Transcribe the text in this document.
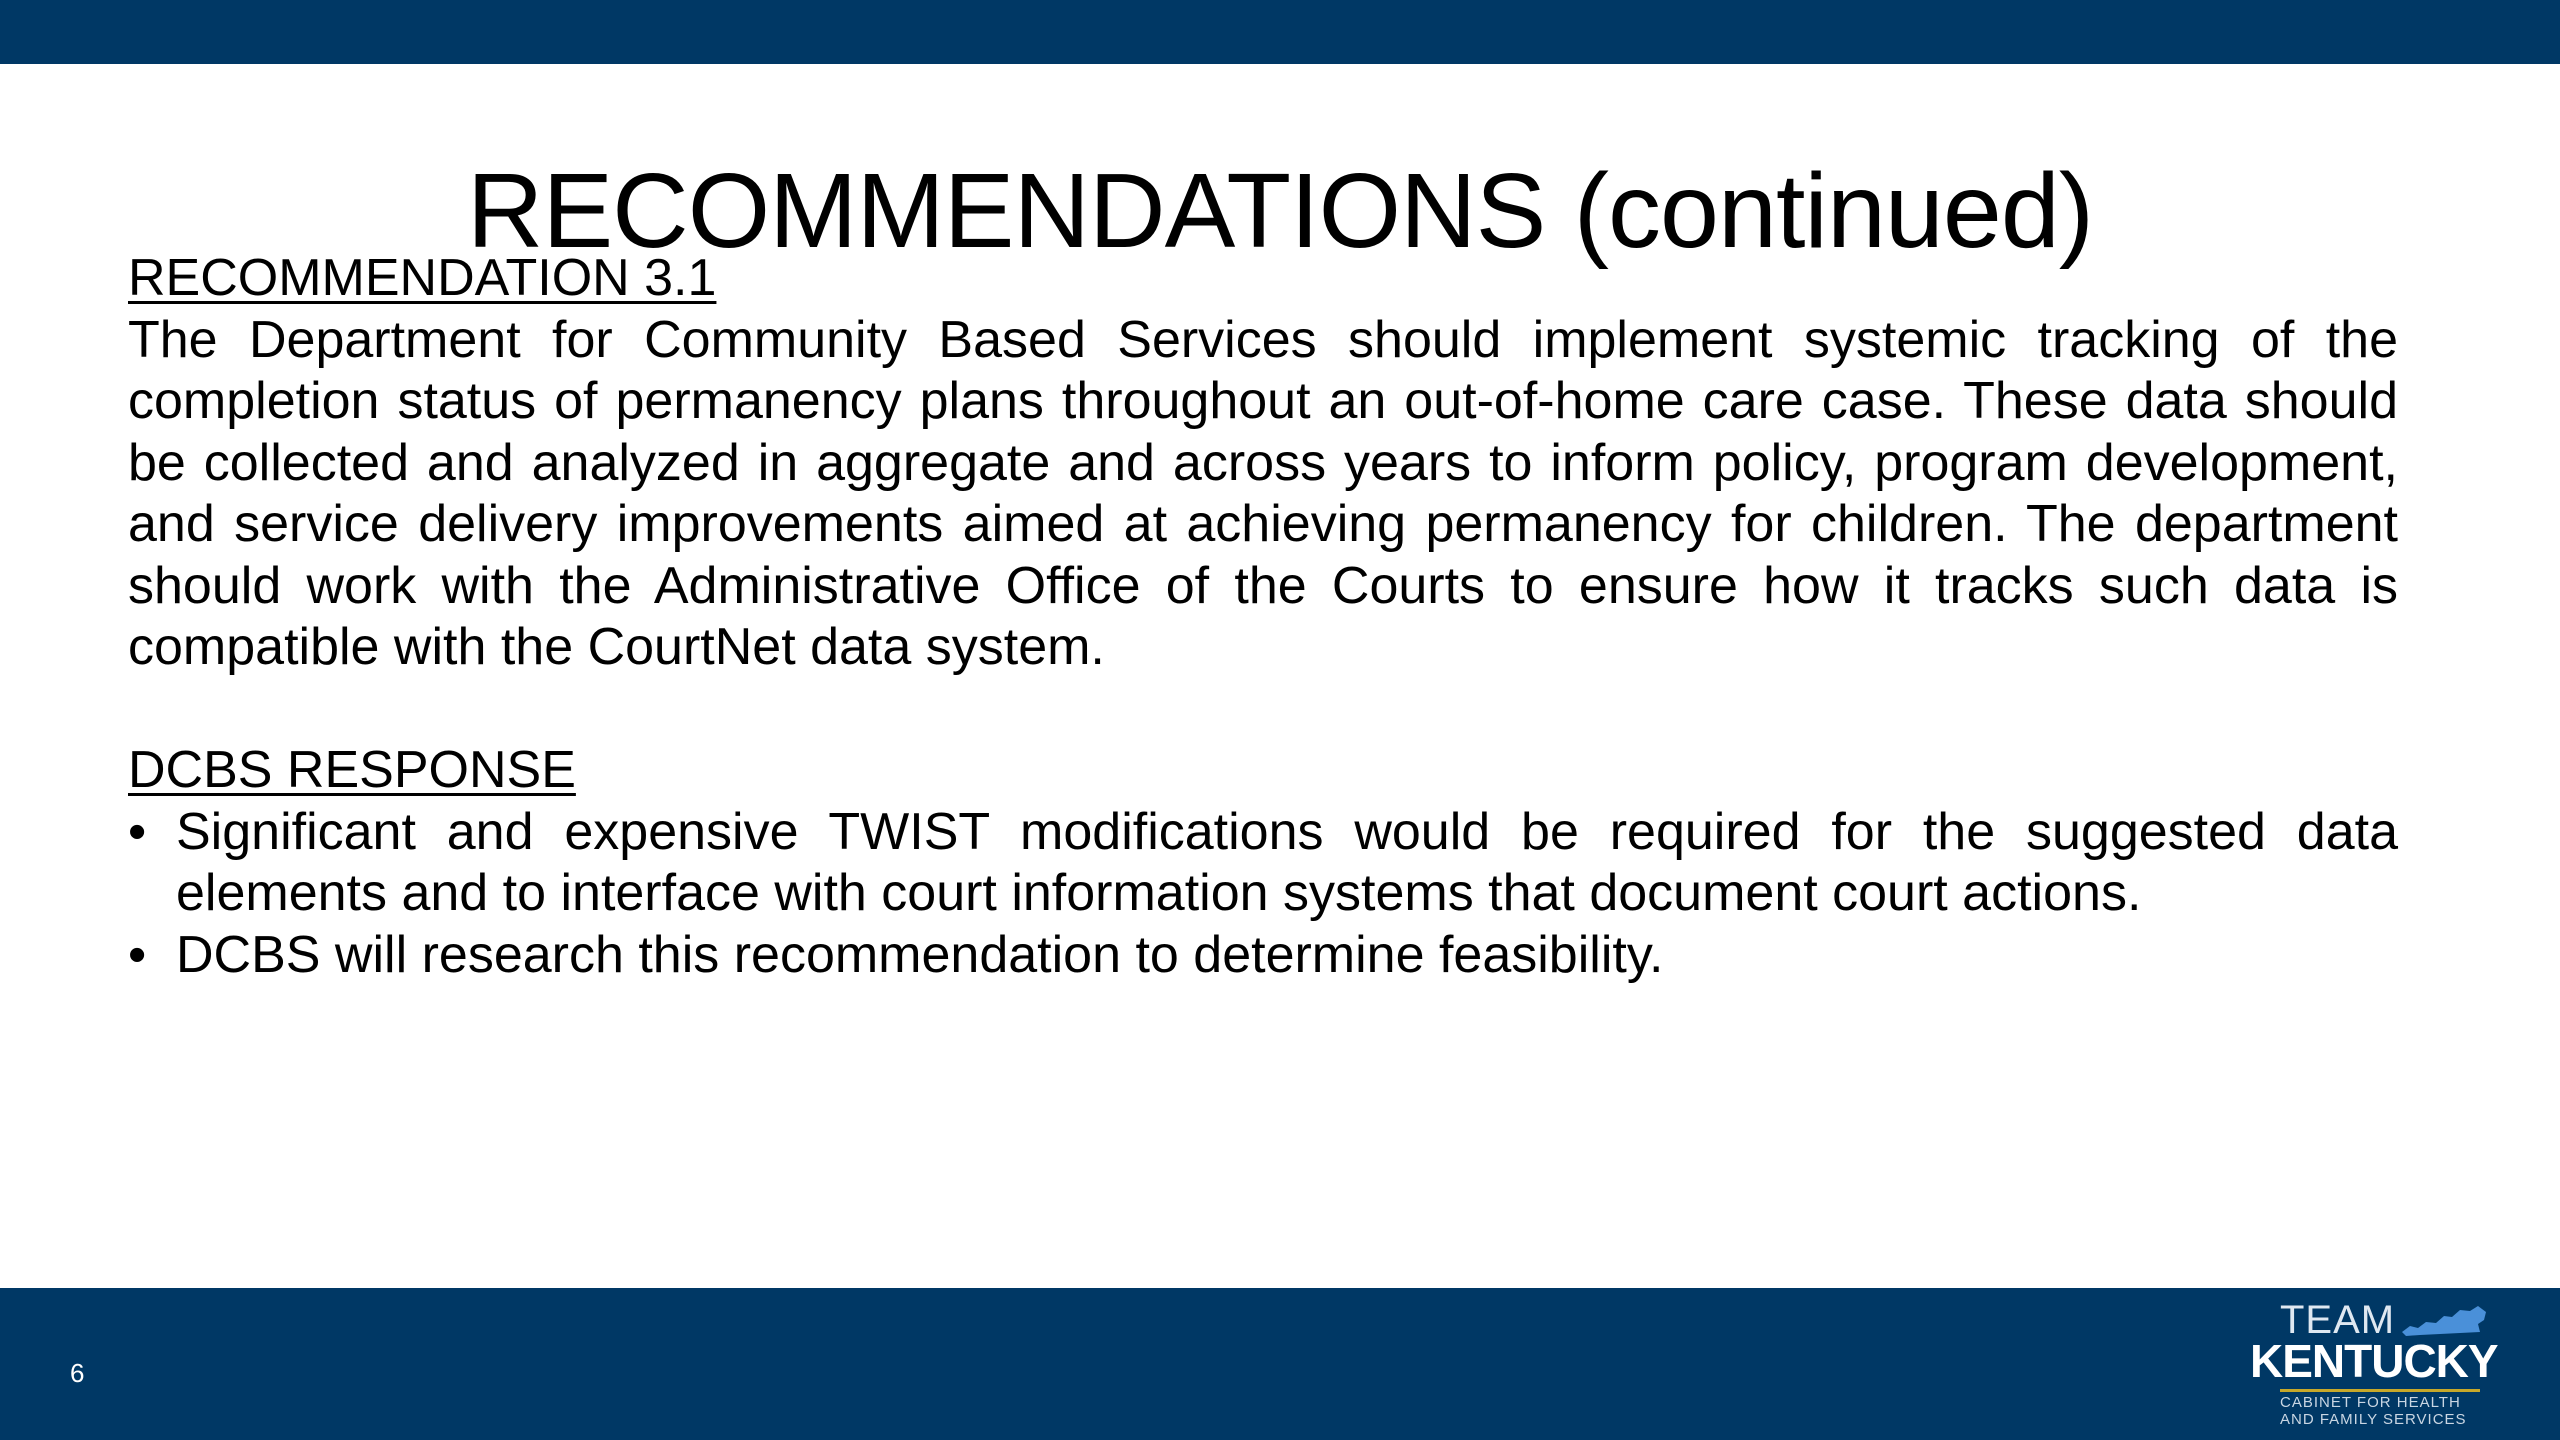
RECOMMENDATIONS (continued)
RECOMMENDATION 3.1

The Department for Community Based Services should implement systemic tracking of the completion status of permanency plans throughout an out-of-home care case. These data should be collected and analyzed in aggregate and across years to inform policy, program development, and service delivery improvements aimed at achieving permanency for children. The department should work with the Administrative Office of the Courts to ensure how it tracks such data is compatible with the CourtNet data system.

DCBS RESPONSE
• Significant and expensive TWIST modifications would be required for the suggested data elements and to interface with court information systems that document court actions.
• DCBS will research this recommendation to determine feasibility.
6
TEAM
KENTUCKY
CABINET FOR HEALTH
AND FAMILY SERVICES
